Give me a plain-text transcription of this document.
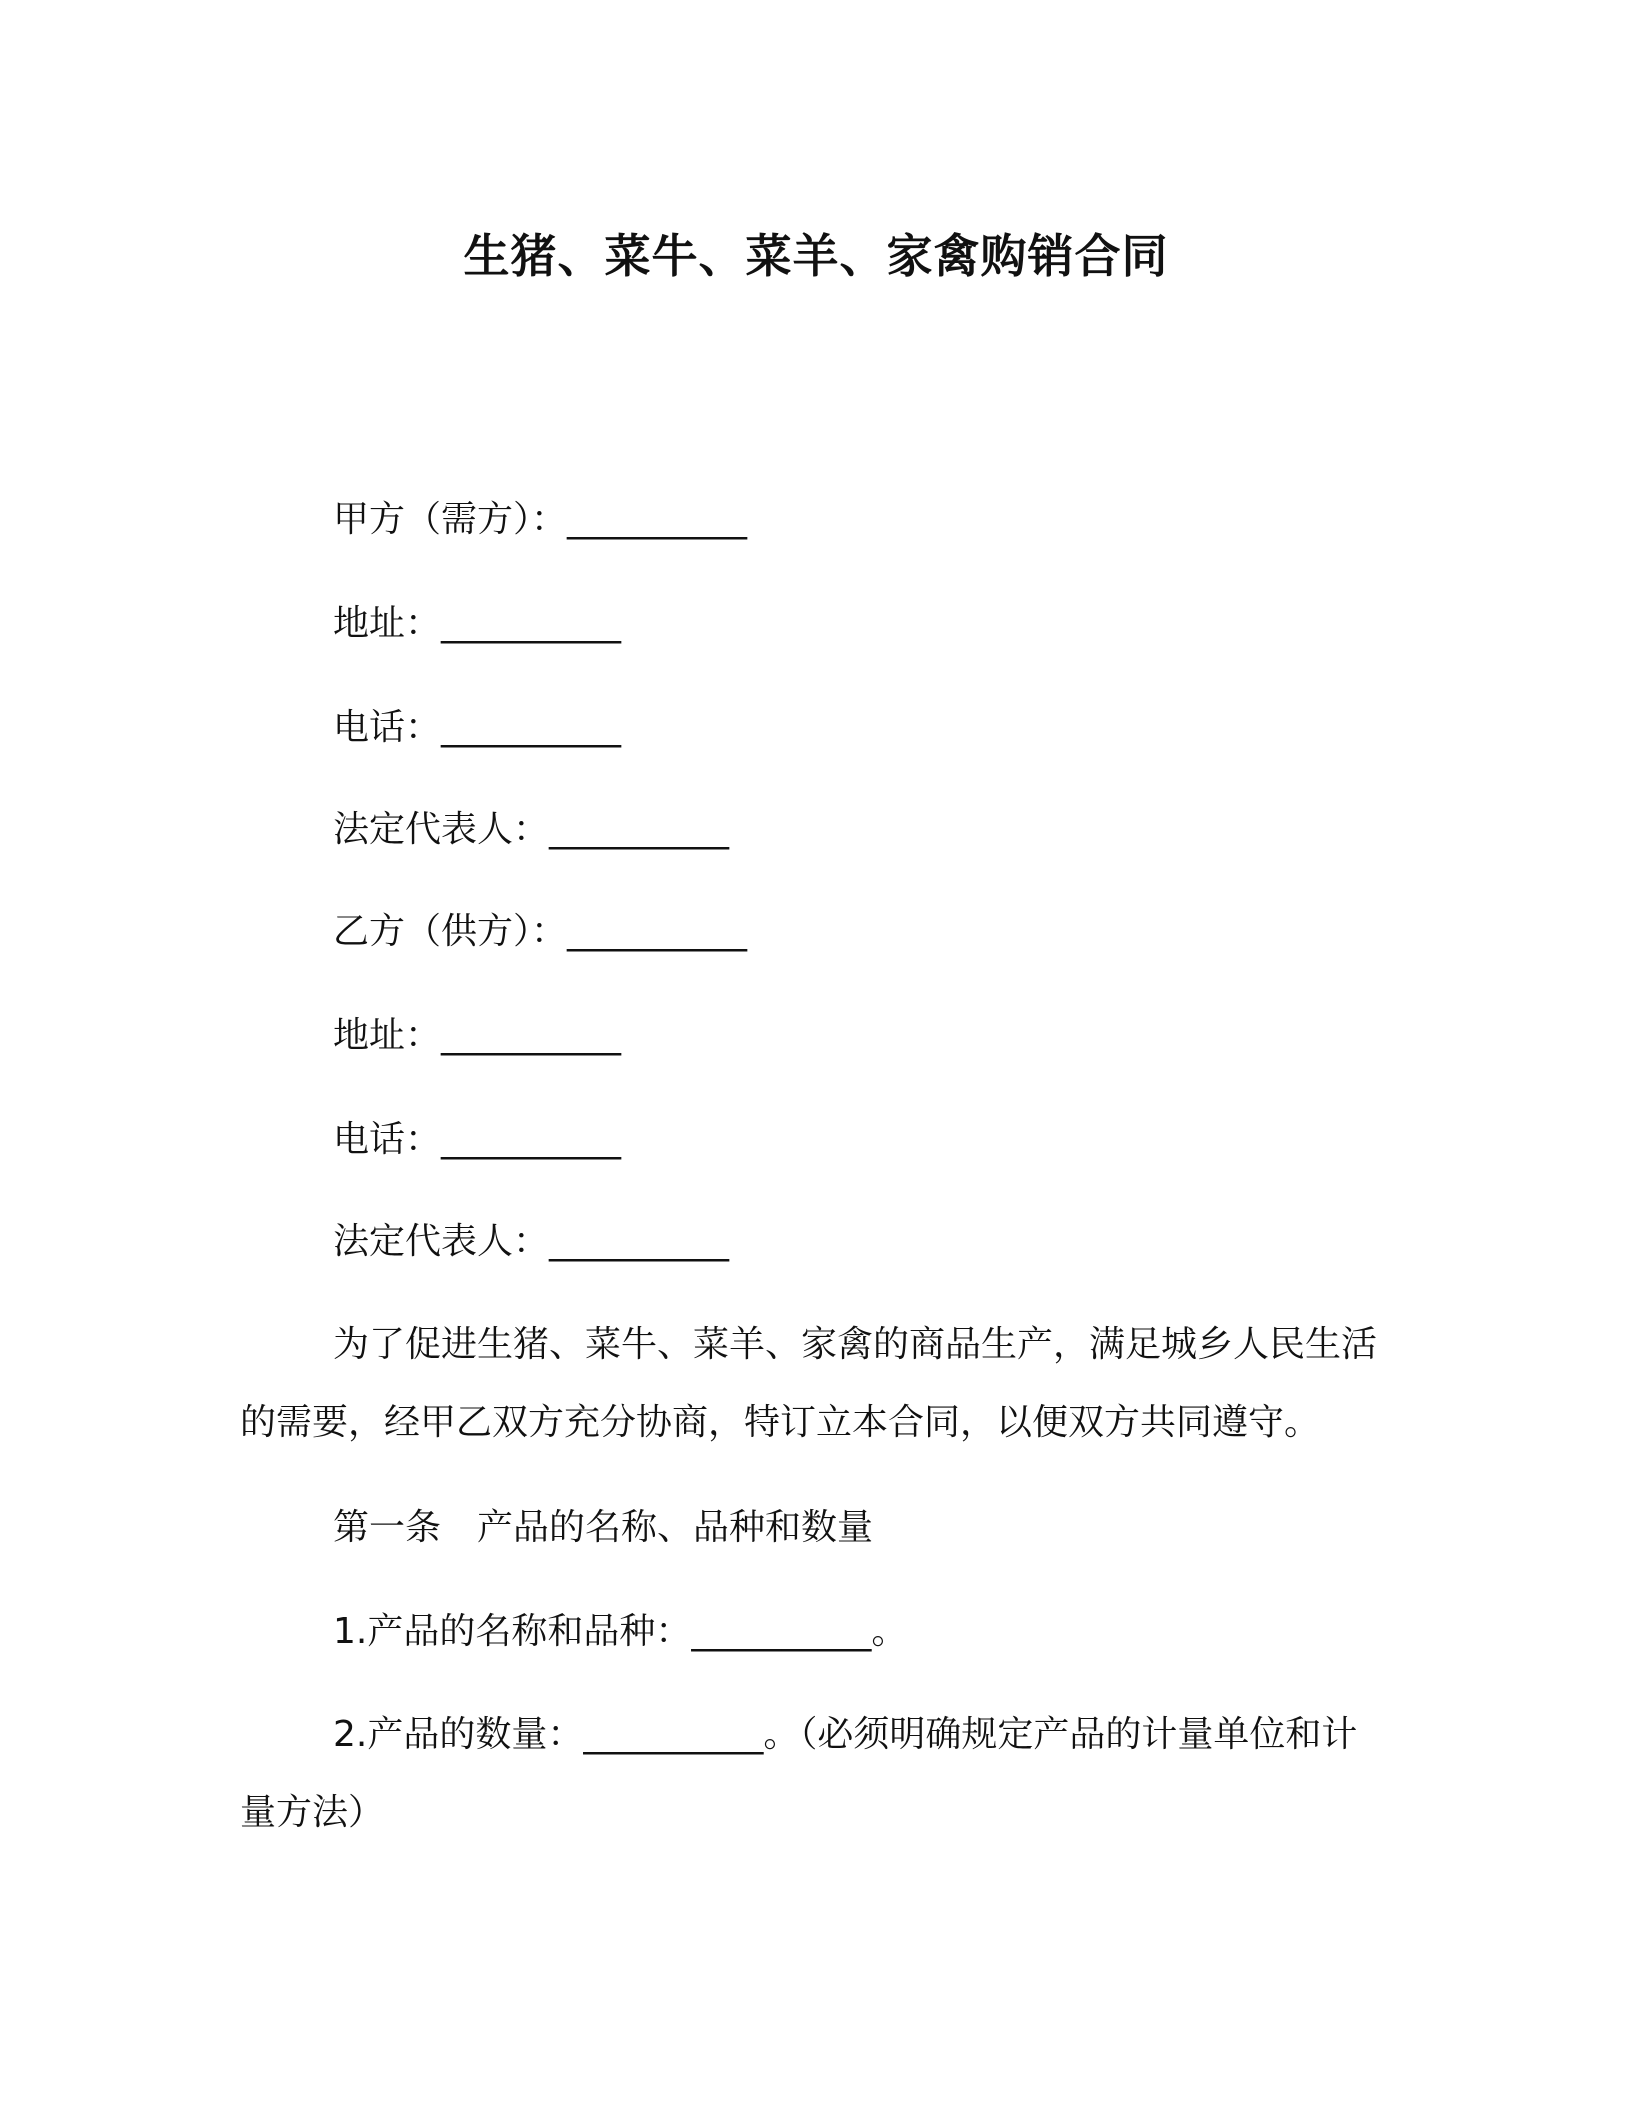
生猪、菜牛、菜羊、家禽购销合同
甲方（需方）：__________
地址：__________
电话：__________
法定代表人：__________
乙方（供方）：__________
地址：__________
电话：__________
法定代表人：__________
为了促进生猪、菜牛、菜羊、家禽的商品生产，满足城乡人民生活的需要，经甲乙双方充分协商，特订立本合同，以便双方共同遵守。
第一条　产品的名称、品种和数量
1.产品的名称和品种：__________。
2.产品的数量：__________。（必须明确规定产品的计量单位和计量方法）
